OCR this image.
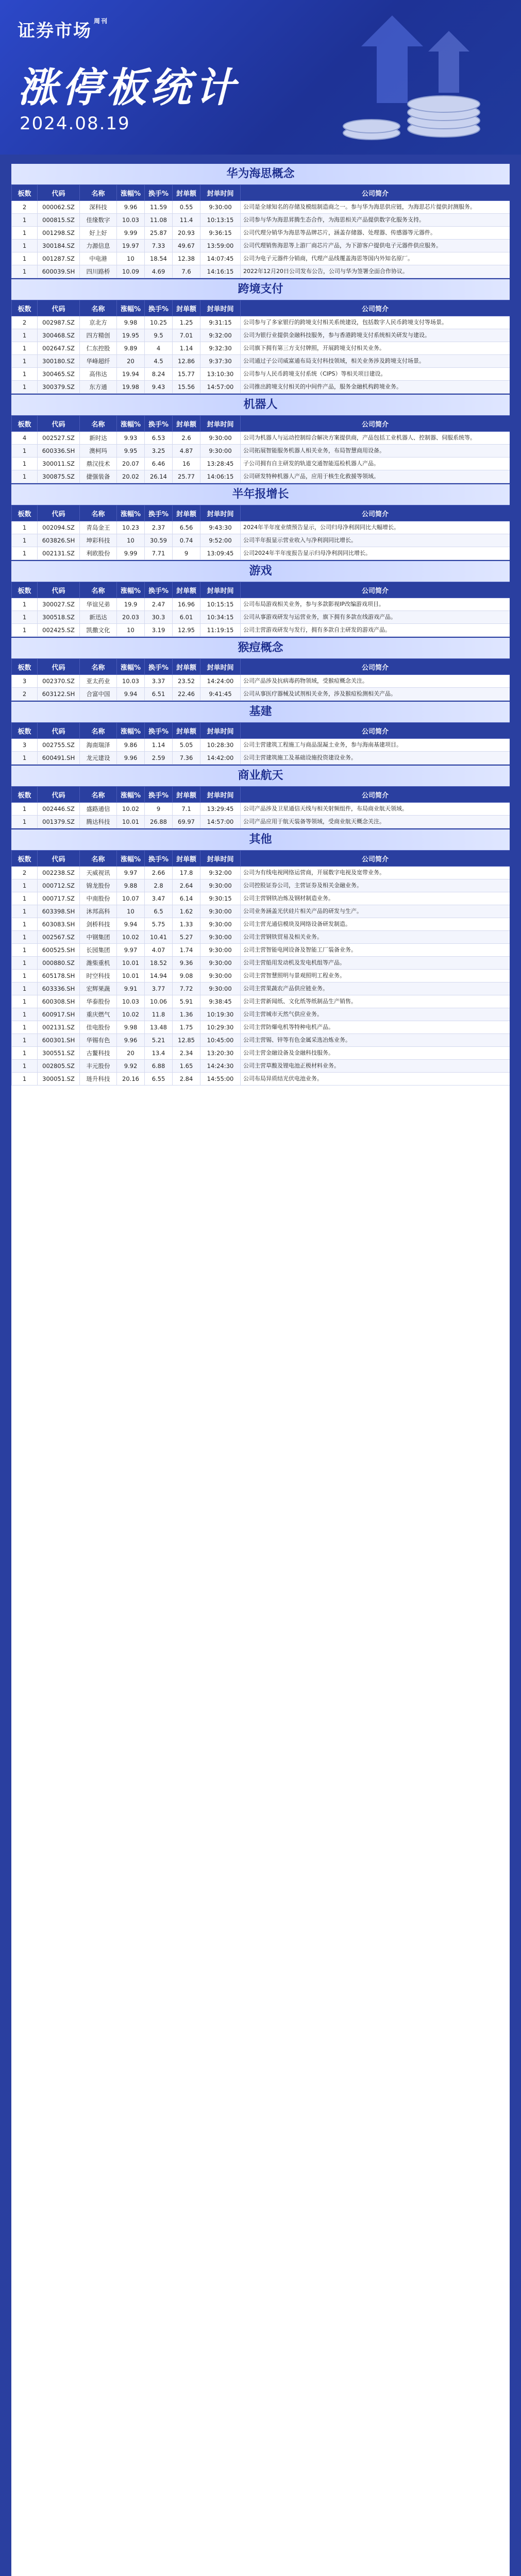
证券市场 $^{周刊}$
涨停板统计
2024.08.19
华为海思概念
板数	代码	名称	涨幅%	换手%	封单额	封单时间	公司简介
2	000062.SZ	深科技	9.96	11.59	0.55	9:30:00	公司是全球知名的存储及模组制造商之一。参与华为海思供应链，为海思芯片提供封测服务。
1	000815.SZ	佳缘数字	10.03	11.08	11.4	10:13:15	公司参与华为海思昇腾生态合作，为海思相关产品提供数字化服务支持。
1	001298.SZ	好上好	9.99	25.87	20.93	9:36:15	公司代理分销华为海思等品牌芯片，涵盖存储器、处理器、传感器等元器件。
1	300184.SZ	力源信息	19.97	7.33	49.67	13:59:00	公司代理销售海思等上游厂商芯片产品，为下游客户提供电子元器件供应服务。
1	001287.SZ	中电港	10	18.54	12.38	14:07:45	公司为电子元器件分销商，代理产品线覆盖海思等国内外知名原厂。
1	600039.SH	四川路桥	10.09	4.69	7.6	14:16:15	2022年12月20日公司发布公告，公司与华为签署全面合作协议。
跨境支付
板数	代码	名称	涨幅%	换手%	封单额	封单时间	公司简介
2	002987.SZ	京北方	9.98	10.25	1.25	9:31:15	公司参与了多家银行的跨境支付相关系统建设，包括数字人民币跨境支付等场景。
1	300468.SZ	四方精创	19.95	9.5	7.01	9:32:00	公司为银行业提供金融科技服务，参与香港跨境支付系统相关研发与建设。
1	002647.SZ	仁东控股	9.89	4	1.14	9:32:30	公司旗下拥有第三方支付牌照，开展跨境支付相关业务。
1	300180.SZ	华峰超纤	20	4.5	12.86	9:37:30	公司通过子公司威富通布局支付科技领域，相关业务涉及跨境支付场景。
1	300465.SZ	高伟达	19.94	8.24	15.77	13:10:30	公司参与人民币跨境支付系统（CIPS）等相关项目建设。
1	300379.SZ	东方通	19.98	9.43	15.56	14:57:00	公司推出跨境支付相关的中间件产品，服务金融机构跨境业务。
机器人
板数	代码	名称	涨幅%	换手%	封单额	封单时间	公司简介
4	002527.SZ	新时达	9.93	6.53	2.6	9:30:00	公司为机器人与运动控制综合解决方案提供商，产品包括工业机器人、控制器、伺服系统等。
1	600336.SH	澳柯玛	9.95	3.25	4.87	9:30:00	公司拓展智能服务机器人相关业务，布局智慧商用设备。
1	300011.SZ	鼎汉技术	20.07	6.46	16	13:28:45	子公司拥有自主研发的轨道交通智能巡检机器人产品。
1	300875.SZ	捷强装备	20.02	26.14	25.77	14:06:15	公司研发特种机器人产品，应用于核生化救援等领域。
半年报增长
板数	代码	名称	涨幅%	换手%	封单额	封单时间	公司简介
1	002094.SZ	青岛金王	10.23	2.37	6.56	9:43:30	2024年半年度业绩预告显示，公司归母净利润同比大幅增长。
1	603826.SH	坤彩科技	10	30.59	0.74	9:52:00	公司半年报显示营业收入与净利润同比增长。
1	002131.SZ	利欧股份	9.99	7.71	9	13:09:45	公司2024年半年度报告显示归母净利润同比增长。
游戏
板数	代码	名称	涨幅%	换手%	封单额	封单时间	公司简介
1	300027.SZ	华谊兄弟	19.9	2.47	16.96	10:15:15	公司布局游戏相关业务，参与多款影视IP改编游戏项目。
1	300518.SZ	新迅达	20.03	30.3	6.01	10:34:15	公司从事游戏研发与运营业务，旗下拥有多款在线游戏产品。
1	002425.SZ	凯撒文化	10	3.19	12.95	11:19:15	公司主营游戏研发与发行，拥有多款自主研发的游戏产品。
猴痘概念
板数	代码	名称	涨幅%	换手%	封单额	封单时间	公司简介
3	002370.SZ	亚太药业	10.03	3.37	23.52	14:24:00	公司产品涉及抗病毒药物领域，受猴痘概念关注。
2	603122.SH	合富中国	9.94	6.51	22.46	9:41:45	公司从事医疗器械及试剂相关业务，涉及猴痘检测相关产品。
基建
板数	代码	名称	涨幅%	换手%	封单额	封单时间	公司简介
3	002755.SZ	海南瑞泽	9.86	1.14	5.05	10:28:30	公司主营建筑工程施工与商品混凝土业务，参与海南基建项目。
1	600491.SH	龙元建设	9.96	2.59	7.36	14:42:00	公司主营建筑施工及基础设施投资建设业务。
商业航天
板数	代码	名称	涨幅%	换手%	封单额	封单时间	公司简介
1	002446.SZ	盛路通信	10.02	9	7.1	13:29:45	公司产品涉及卫星通信天线与相关射频组件，布局商业航天领域。
1	001379.SZ	腾达科技	10.01	26.88	69.97	14:57:00	公司产品应用于航天装备等领域，受商业航天概念关注。
其他
板数	代码	名称	涨幅%	换手%	封单额	封单时间	公司简介
2	002238.SZ	天威视讯	9.97	2.66	17.8	9:32:00	公司为有线电视网络运营商，开展数字电视及宽带业务。
1	000712.SZ	锦龙股份	9.88	2.8	2.64	9:30:00	公司控股证券公司，主营证券及相关金融业务。
1	000717.SZ	中南股份	10.07	3.47	6.14	9:30:15	公司主营钢铁冶炼及钢材制造业务。
1	603398.SH	沐邦高科	10	6.5	1.62	9:30:00	公司业务涵盖光伏硅片相关产品的研发与生产。
1	603083.SH	剑桥科技	9.94	5.75	1.33	9:30:00	公司主营光通信模块及网络设备研发制造。
1	002567.SZ	中钢集团	10.02	10.41	5.27	9:30:00	公司主营钢铁贸易及相关业务。
1	600525.SH	长园集团	9.97	4.07	1.74	9:30:00	公司主营智能电网设备及智能工厂装备业务。
1	000880.SZ	潍柴重机	10.01	18.52	9.36	9:30:00	公司主营船用发动机及发电机组等产品。
1	605178.SH	时空科技	10.01	14.94	9.08	9:30:00	公司主营智慧照明与景观照明工程业务。
1	603336.SH	宏辉果蔬	9.91	3.77	7.72	9:30:00	公司主营果蔬农产品供应链业务。
1	600308.SH	华泰股份	10.03	10.06	5.91	9:38:45	公司主营新闻纸、文化纸等纸制品生产销售。
1	600917.SH	重庆燃气	10.02	11.8	1.36	10:19:30	公司主营城市天然气供应业务。
1	002131.SZ	佳电股份	9.98	13.48	1.75	10:29:30	公司主营防爆电机等特种电机产品。
1	600301.SH	华锡有色	9.96	5.21	12.85	10:45:00	公司主营锡、锌等有色金属采选冶炼业务。
1	300551.SZ	古鳌科技	20	13.4	2.34	13:20:30	公司主营金融设备及金融科技服务。
1	002805.SZ	丰元股份	9.92	6.88	1.65	14:24:30	公司主营草酸及锂电池正极材料业务。
1	300051.SZ	琏升科技	20.16	6.55	2.84	14:55:00	公司布局异质结光伏电池业务。
